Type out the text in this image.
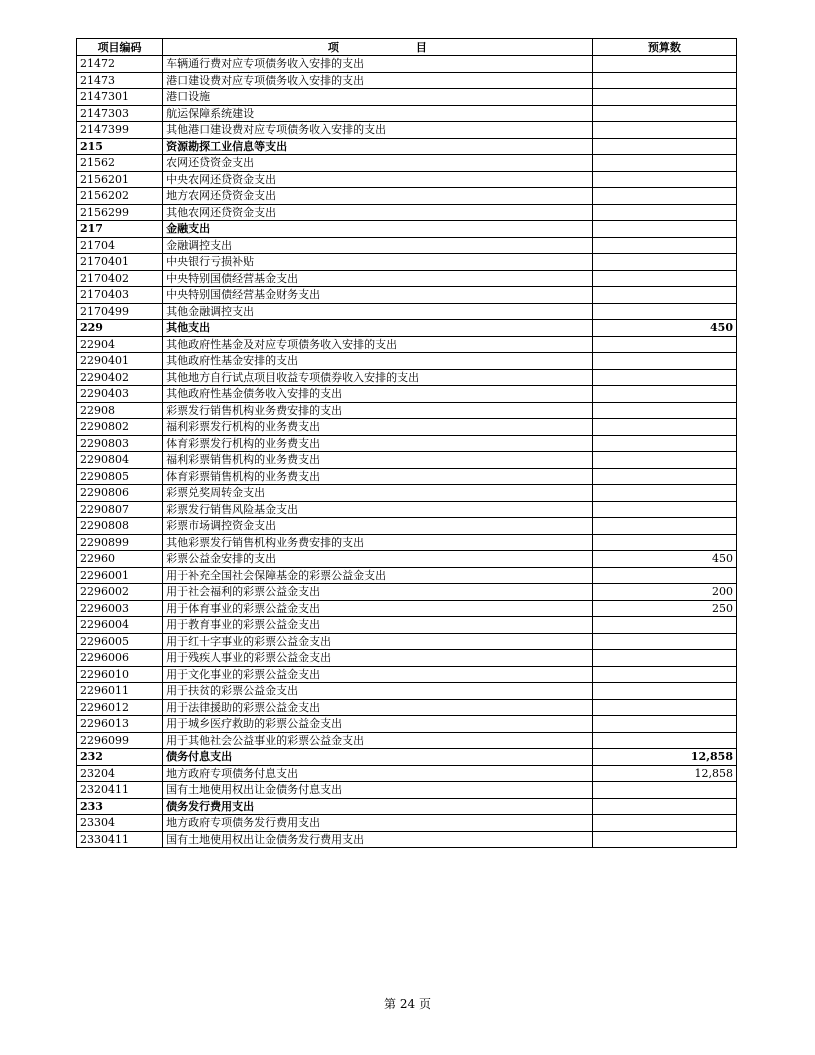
项目编码	项　　　　　　　目	预算数
21472	车辆通行费对应专项债务收入安排的支出	
21473	港口建设费对应专项债务收入安排的支出	
2147301	港口设施	
2147303	航运保障系统建设	
2147399	其他港口建设费对应专项债务收入安排的支出	
215	资源勘探工业信息等支出	
21562	农网还贷资金支出	
2156201	中央农网还贷资金支出	
2156202	地方农网还贷资金支出	
2156299	其他农网还贷资金支出	
217	金融支出	
21704	金融调控支出	
2170401	中央银行亏损补贴	
2170402	中央特别国债经营基金支出	
2170403	中央特别国债经营基金财务支出	
2170499	其他金融调控支出	
229	其他支出	450
22904	其他政府性基金及对应专项债务收入安排的支出	
2290401	其他政府性基金安排的支出	
2290402	其他地方自行试点项目收益专项债券收入安排的支出	
2290403	其他政府性基金债务收入安排的支出	
22908	彩票发行销售机构业务费安排的支出	
2290802	福利彩票发行机构的业务费支出	
2290803	体育彩票发行机构的业务费支出	
2290804	福利彩票销售机构的业务费支出	
2290805	体育彩票销售机构的业务费支出	
2290806	彩票兑奖周转金支出	
2290807	彩票发行销售风险基金支出	
2290808	彩票市场调控资金支出	
2290899	其他彩票发行销售机构业务费安排的支出	
22960	彩票公益金安排的支出	450
2296001	用于补充全国社会保障基金的彩票公益金支出	
2296002	用于社会福利的彩票公益金支出	200
2296003	用于体育事业的彩票公益金支出	250
2296004	用于教育事业的彩票公益金支出	
2296005	用于红十字事业的彩票公益金支出	
2296006	用于残疾人事业的彩票公益金支出	
2296010	用于文化事业的彩票公益金支出	
2296011	用于扶贫的彩票公益金支出	
2296012	用于法律援助的彩票公益金支出	
2296013	用于城乡医疗救助的彩票公益金支出	
2296099	用于其他社会公益事业的彩票公益金支出	
232	债务付息支出	12,858
23204	地方政府专项债务付息支出	12,858
2320411	国有土地使用权出让金债务付息支出	
233	债务发行费用支出	
23304	地方政府专项债务发行费用支出	
2330411	国有土地使用权出让金债务发行费用支出	
第 24 页
